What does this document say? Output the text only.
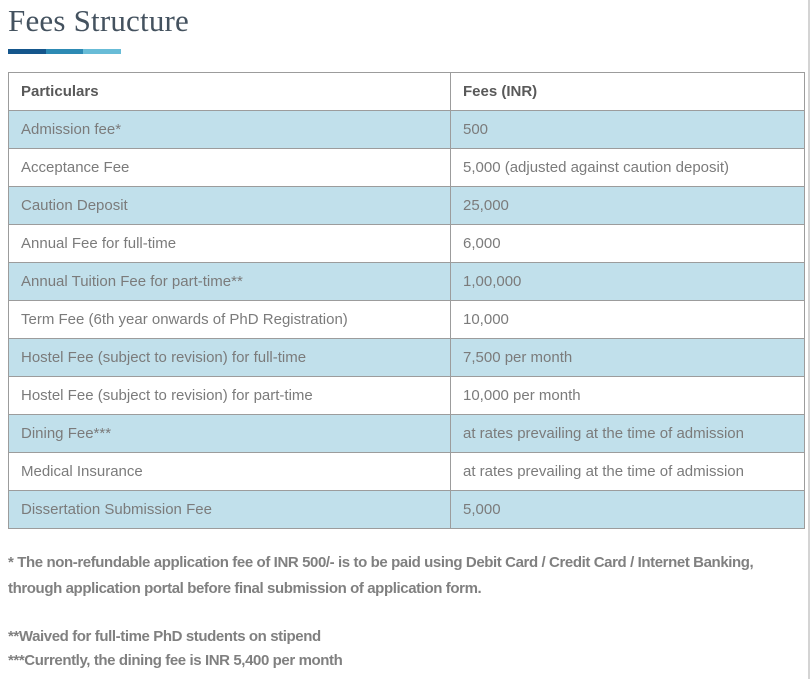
Fees Structure
Particulars	Fees (INR)
Admission fee*	500
Acceptance Fee	5,000 (adjusted against caution deposit)
Caution Deposit	25,000
Annual Fee for full-time	6,000
Annual Tuition Fee for part-time**	1,00,000
Term Fee (6th year onwards of PhD Registration)	10,000
Hostel Fee (subject to revision) for full-time	7,500 per month
Hostel Fee (subject to revision) for part-time	10,000 per month
Dining Fee***	at rates prevailing at the time of admission
Medical Insurance	at rates prevailing at the time of admission
Dissertation Submission Fee	5,000

* The non-refundable application fee of INR 500/- is to be paid using Debit Card / Credit Card / Internet Banking, through application portal before final submission of application form.

**Waived for full-time PhD students on stipend

***Currently, the dining fee is INR 5,400 per month
